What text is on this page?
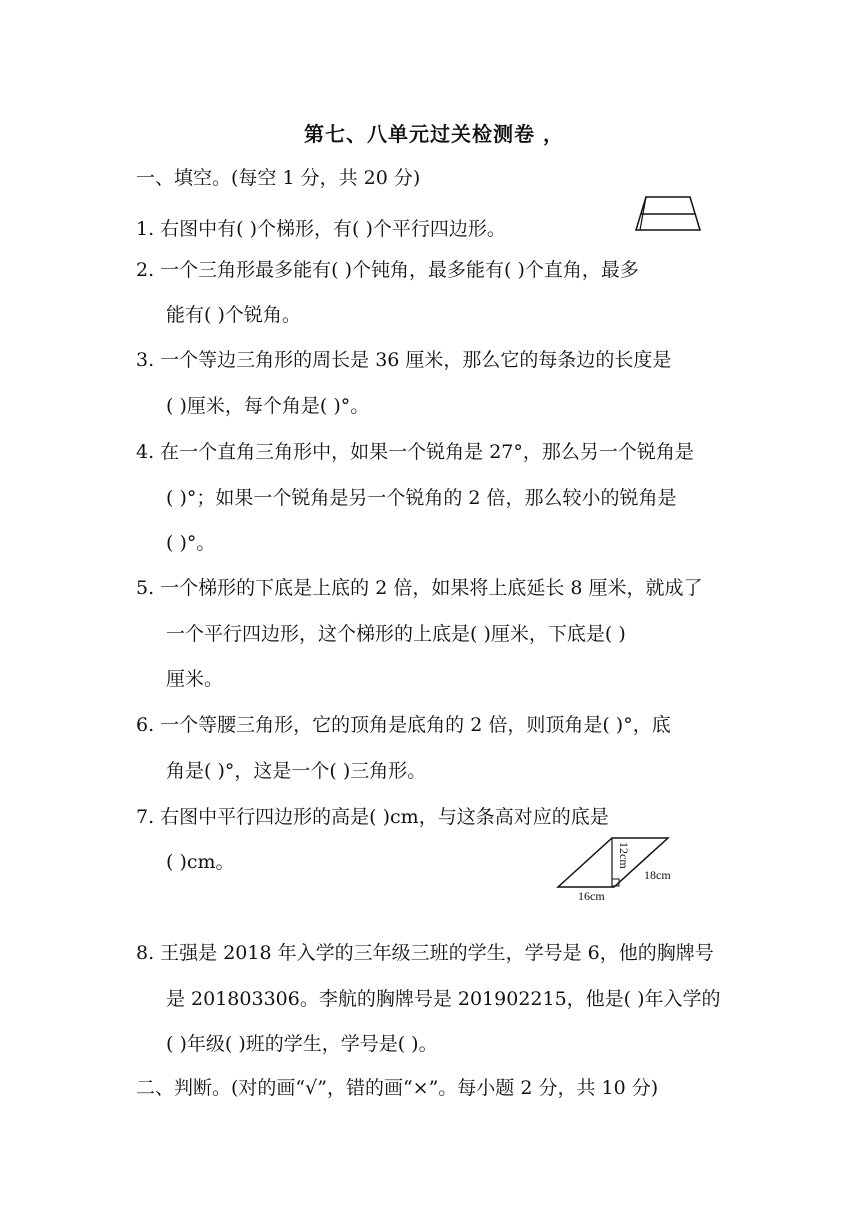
第七、八单元过关检测卷 ，
一、填空。(每空 1 分，共 20 分)
1. 右图中有( )个梯形，有( )个平行四边形。
2. 一个三角形最多能有( )个钝角，最多能有( )个直角，最多
能有( )个锐角。
3. 一个等边三角形的周长是 36 厘米，那么它的每条边的长度是
( )厘米，每个角是( )°。
4. 在一个直角三角形中，如果一个锐角是 27°，那么另一个锐角是
( )°；如果一个锐角是另一个锐角的 2 倍，那么较小的锐角是
( )°。
5. 一个梯形的下底是上底的 2 倍，如果将上底延长 8 厘米，就成了
一个平行四边形，这个梯形的上底是( )厘米，下底是( )
厘米。
6. 一个等腰三角形，它的顶角是底角的 2 倍，则顶角是( )°，底
角是( )°，这是一个( )三角形。
7. 右图中平行四边形的高是( )cm，与这条高对应的底是
( )cm。	12cm
18cm
16cm
8. 王强是 2018 年入学的三年级三班的学生，学号是 6，他的胸牌号
是 201803306。李航的胸牌号是 201902215，他是( )年入学的
( )年级( )班的学生，学号是( )。
二、判断。(对的画“√”，错的画“×”。每小题 2 分，共 10 分)
